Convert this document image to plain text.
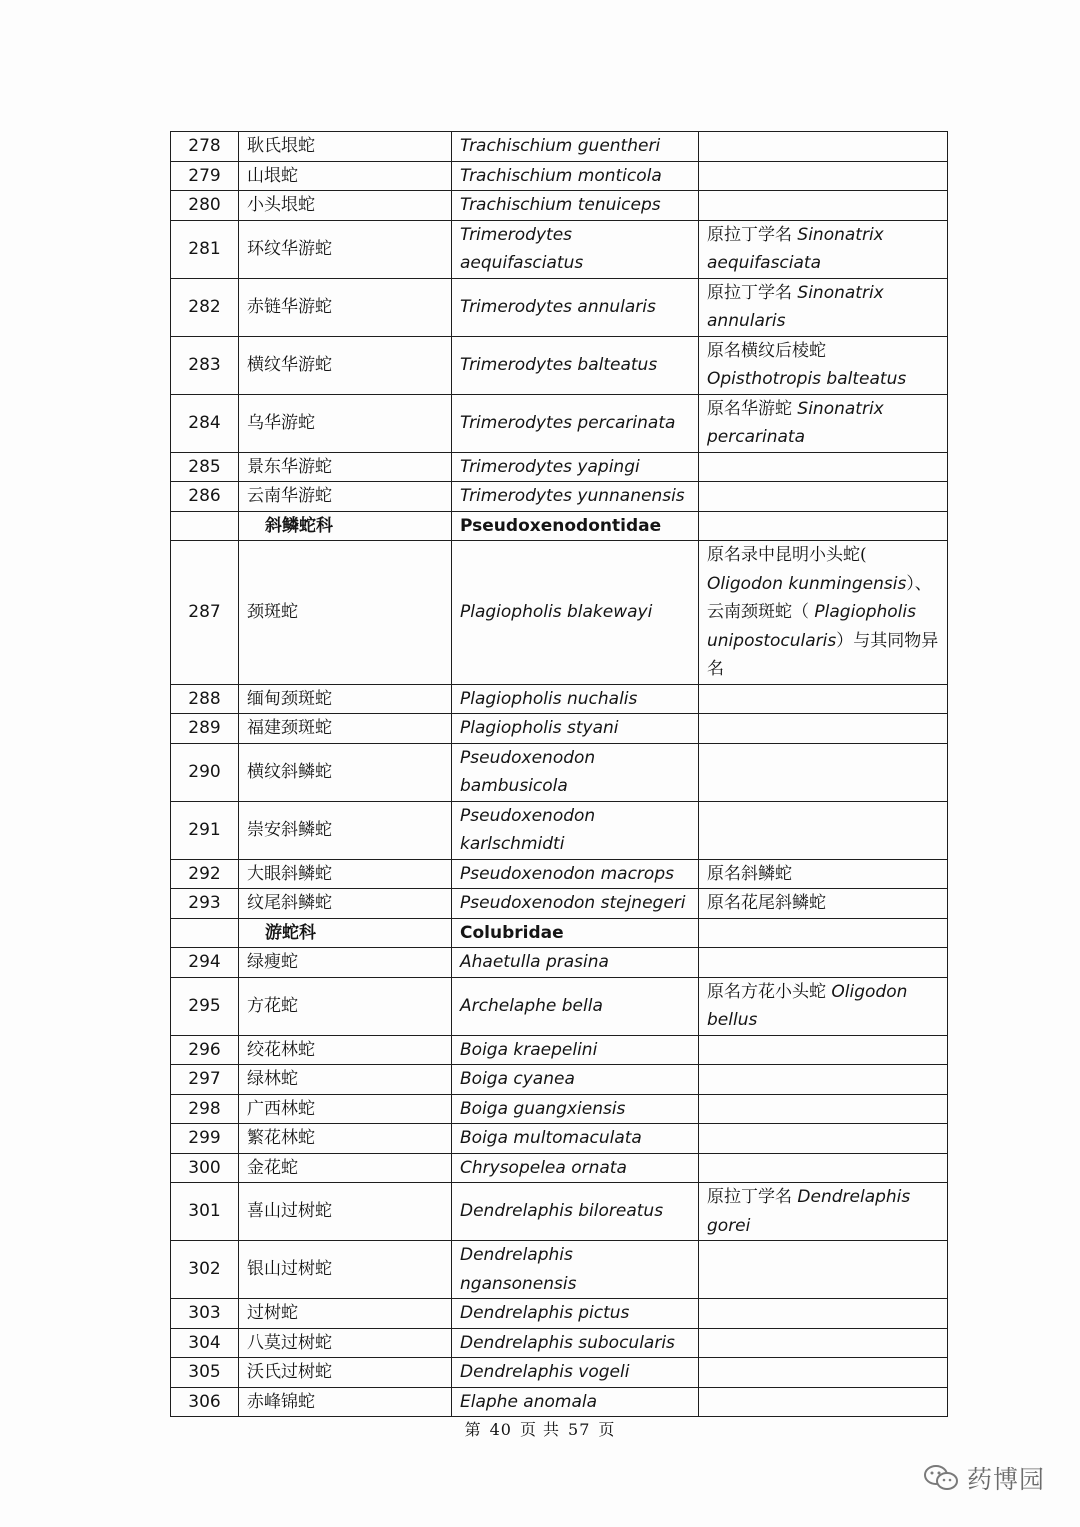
278	耿氏垠蛇	Trachischium guentheri	
279	山垠蛇	Trachischium monticola	
280	小头垠蛇	Trachischium tenuiceps	
281	环纹华游蛇	Trimerodytes aequifasciatus	原拉丁学名 Sinonatrix aequifasciata
282	赤链华游蛇	Trimerodytes annularis	原拉丁学名 Sinonatrix annularis
283	横纹华游蛇	Trimerodytes balteatus	原名横纹后棱蛇 Opisthotropis balteatus
284	乌华游蛇	Trimerodytes percarinata	原名华游蛇 Sinonatrix percarinata
285	景东华游蛇	Trimerodytes yapingi	
286	云南华游蛇	Trimerodytes yunnanensis	
	斜鳞蛇科	Pseudoxenodontidae	
287	颈斑蛇	Plagiopholis blakewayi	原名录中昆明小头蛇( Oligodon kunmingensis）、云南颈斑蛇（ Plagiopholis unipostocularis）与其同物异名
288	缅甸颈斑蛇	Plagiopholis nuchalis	
289	福建颈斑蛇	Plagiopholis styani	
290	横纹斜鳞蛇	Pseudoxenodon bambusicola	
291	崇安斜鳞蛇	Pseudoxenodon karlschmidti	
292	大眼斜鳞蛇	Pseudoxenodon macrops	原名斜鳞蛇
293	纹尾斜鳞蛇	Pseudoxenodon stejnegeri	原名花尾斜鳞蛇
	游蛇科	Colubridae	
294	绿瘦蛇	Ahaetulla prasina	
295	方花蛇	Archelaphe bella	原名方花小头蛇 Oligodon bellus
296	绞花林蛇	Boiga kraepelini	
297	绿林蛇	Boiga cyanea	
298	广西林蛇	Boiga guangxiensis	
299	繁花林蛇	Boiga multomaculata	
300	金花蛇	Chrysopelea ornata	
301	喜山过树蛇	Dendrelaphis biloreatus	原拉丁学名 Dendrelaphis gorei
302	银山过树蛇	Dendrelaphis ngansonensis	
303	过树蛇	Dendrelaphis pictus	
304	八莫过树蛇	Dendrelaphis subocularis	
305	沃氏过树蛇	Dendrelaphis vogeli	
306	赤峰锦蛇	Elaphe anomala	
第 40 页 共 57 页
药博园
